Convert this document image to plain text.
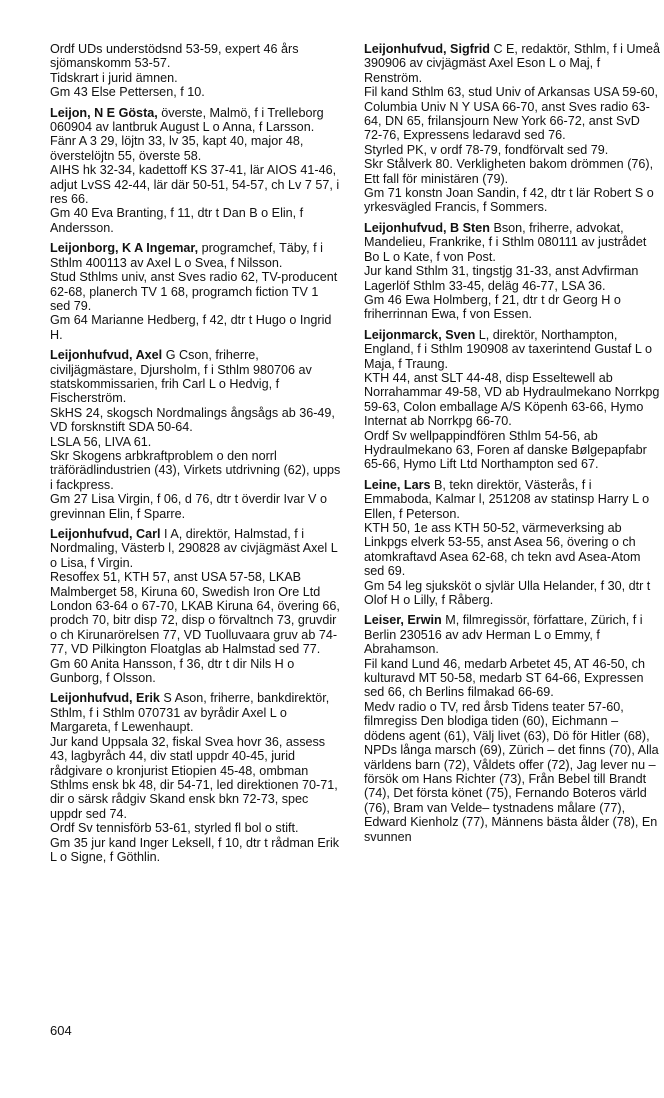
Ordf UDs understödsnd 53-59, expert 46 års sjömanskomm 53-57.

Tidskrart i jurid ämnen.

Gm 43 Else Pettersen, f 10.

Leijon, N E Gösta, överste, Malmö, f i Trelleborg 060904 av lantbruk August L o Anna, f Larsson.

Fänr A 3 29, löjtn 33, lv 35, kapt 40, major 48, överstelöjtn 55, överste 58.

AIHS hk 32-34, kadettoff KS 37-41, lär AIOS 41-46, adjut LvSS 42-44, lär där 50-51, 54-57, ch Lv 7 57, i res 66.

Gm 40 Eva Branting, f 11, dtr t Dan B o Elin, f Andersson.

Leijonborg, K A Ingemar, programchef, Täby, f i Sthlm 400113 av Axel L o Svea, f Nilsson.

Stud Sthlms univ, anst Sves radio 62, TV-producent 62-68, planerch TV 1 68, programch fiction TV 1 sed 79.

Gm 64 Marianne Hedberg, f 42, dtr t Hugo o Ingrid H.

Leijonhufvud, Axel G Cson, friherre, civiljägmästare, Djursholm, f i Sthlm 980706 av statskommissarien, frih Carl L o Hedvig, f Fischerström.

SkHS 24, skogsch Nordmalings ångsågs ab 36-49, VD forsknstift SDA 50-64.

LSLA 56, LIVA 61.

Skr Skogens arbkraftproblem o den norrl träförädlindustrien (43), Virkets utdrivning (62), upps i fackpress.

Gm 27 Lisa Virgin, f 06, d 76, dtr t överdir Ivar V o grevinnan Elin, f Sparre.

Leijonhufvud, Carl I A, direktör, Halmstad, f i Nordmaling, Västerb l, 290828 av civjägmäst Axel L o Lisa, f Virgin.

Resoffex 51, KTH 57, anst USA 57-58, LKAB Malmberget 58, Kiruna 60, Swedish Iron Ore Ltd London 63-64 o 67-70, LKAB Kiruna 64, övering 66, prodch 70, bitr disp 72, disp o förvaltnch 73, gruvdir o ch Kirunarörelsen 77, VD Tuolluvaara gruv ab 74-77, VD Pilkington Floatglas ab Halmstad sed 77.

Gm 60 Anita Hansson, f 36, dtr t dir Nils H o Gunborg, f Olsson.

Leijonhufvud, Erik S Ason, friherre, bankdirektör, Sthlm, f i Sthlm 070731 av byrådir Axel L o Margareta, f Lewenhaupt.

Jur kand Uppsala 32, fiskal Svea hovr 36, assess 43, lagbyråch 44, div statl uppdr 40-45, jurid rådgivare o kronjurist Etiopien 45-48, ombman Sthlms ensk bk 48, dir 54-71, led direktionen 70-71, dir o särsk rådgiv Skand ensk bkn 72-73, spec uppdr sed 74.

Ordf Sv tennisförb 53-61, styrled fl bol o stift.

Gm 35 jur kand Inger Leksell, f 10, dtr t rådman Erik L o Signe, f Göthlin.

Leijonhufvud, Sigfrid C E, redaktör, Sthlm, f i Umeå 390906 av civjägmäst Axel Eson L o Maj, f Renström.

Fil kand Sthlm 63, stud Univ of Arkansas USA 59-60, Columbia Univ N Y USA 66-70, anst Sves radio 63-64, DN 65, frilansjourn New York 66-72, anst SvD 72-76, Expressens ledaravd sed 76.

Styrled PK, v ordf 78-79, fondförvalt sed 79.

Skr Stålverk 80. Verkligheten bakom drömmen (76), Ett fall för ministären (79).

Gm 71 konstn Joan Sandin, f 42, dtr t lär Robert S o yrkesvägled Francis, f Sommers.

Leijonhufvud, B Sten Bson, friherre, advokat, Mandelieu, Frankrike, f i Sthlm 080111 av justrådet Bo L o Kate, f von Post.

Jur kand Sthlm 31, tingstjg 31-33, anst Advfirman Lagerlöf Sthlm 33-45, deläg 46-77, LSA 36.

Gm 46 Ewa Holmberg, f 21, dtr t dr Georg H o friherrinnan Ewa, f von Essen.

Leijonmarck, Sven L, direktör, Northampton, England, f i Sthlm 190908 av taxerintend Gustaf L o Maja, f Traung.

KTH 44, anst SLT 44-48, disp Esseltewell ab Norrahammar 49-58, VD ab Hydraulmekano Norrkpg 59-63, Colon emballage A/S Köpenh 63-66, Hymo Internat ab Norrkpg 66-70.

Ordf Sv wellpappindfören Sthlm 54-56, ab Hydraulmekano 63, Foren af danske Bølgepapfabr 65-66, Hymo Lift Ltd Northampton sed 67.

Leine, Lars B, tekn direktör, Västerås, f i Emmaboda, Kalmar l, 251208 av statinsp Harry L o Ellen, f Peterson.

KTH 50, 1e ass KTH 50-52, värmeverksing ab Linkpgs elverk 53-55, anst Asea 56, övering o ch atomkraftavd Asea 62-68, ch tekn avd Asea-Atom sed 69.

Gm 54 leg sjuksköt o sjvlär Ulla Helander, f 30, dtr t Olof H o Lilly, f Råberg.

Leiser, Erwin M, filmregissör, författare, Zürich, f i Berlin 230516 av adv Herman L o Emmy, f Abrahamson.

Fil kand Lund 46, medarb Arbetet 45, AT 46-50, ch kulturavd MT 50-58, medarb ST 64-66, Expressen sed 66, ch Berlins filmakad 66-69.

Medv radio o TV, red årsb Tidens teater 57-60, filmregiss Den blodiga tiden (60), Eichmann – dödens agent (61), Välj livet (63), Dö för Hitler (68), NPDs långa marsch (69), Zürich – det finns (70), Alla världens barn (72), Våldets offer (72), Jag lever nu – försök om Hans Richter (73), Från Bebel till Brandt (74), Det första könet (75), Fernando Boteros värld (76), Bram van Velde– tystnadens målare (77), Edward Kienholz (77), Männens bästa ålder (78), En svunnen

604
